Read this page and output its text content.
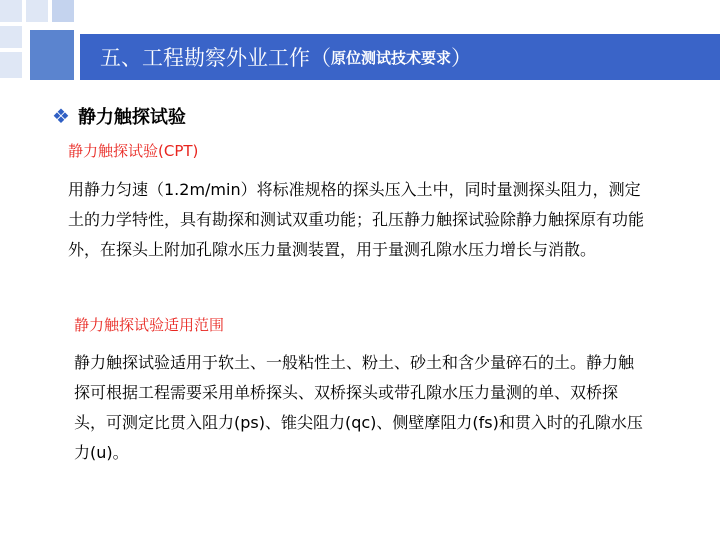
五、工程勘察外业工作 （ 原位测试技术要求 ）
❖ 静力触探试验
静力触探试验(CPT)

用静力匀速（1.2m/min）将标准规格的探头压入土中，同时量测探头阻力，测定土的力学特性，具有勘探和测试双重功能；孔压静力触探试验除静力触探原有功能外，在探头上附加孔隙水压力量测装置，用于量测孔隙水压力增长与消散。

静力触探试验适用范围

静力触探试验适用于软土、一般粘性土、粉土、砂土和含少量碎石的土。静力触探可根据工程需要采用单桥探头、双桥探头或带孔隙水压力量测的单、双桥探头，可测定比贯入阻力(ps)、锥尖阻力(qc)、侧壁摩阻力(fs)和贯入时的孔隙水压力(u)。
